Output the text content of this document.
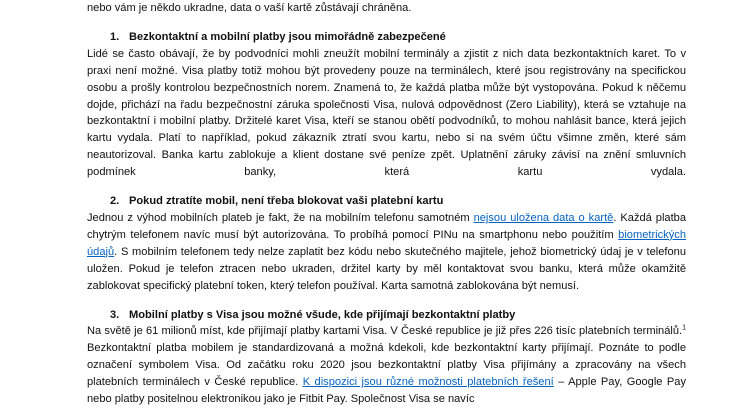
nebo vám je někdo ukradne, data o vaší kartě zůstávají chráněna.

1. Bezkontaktní a mobilní platby jsou mimořádně zabezpečené

Lidé se často obávají, že by podvodníci mohli zneužít mobilní terminály a zjistit z nich data bezkontaktních karet. To v praxi není možné. Visa platby totiž mohou být provedeny pouze na terminálech, které jsou registrovány na specifickou osobu a prošly kontrolou bezpečnostních norem. Znamená to, že každá platba může být vystopována. Pokud k něčemu dojde, přichází na řadu bezpečnostní záruka společnosti Visa, nulová odpovědnost (Zero Liability), která se vztahuje na bezkontaktní i mobilní platby. Držitelé karet Visa, kteří se stanou obětí podvodníků, to mohou nahlásit bance, která jejich kartu vydala. Platí to například, pokud zákazník ztratí svou kartu, nebo si na svém účtu všimne změn, které sám neautorizoval. Banka kartu zablokuje a klient dostane své peníze zpět. Uplatnění záruky závisí na znění smluvních podmínek banky, která kartu vydala.

2. Pokud ztratíte mobil, není třeba blokovat vaši platební kartu

Jednou z výhod mobilních plateb je fakt, že na mobilním telefonu samotném nejsou uložena data o kartě. Každá platba chytrým telefonem navíc musí být autorizována. To probíhá pomocí PINu na smartphonu nebo použitím biometrických údajů. S mobilním telefonem tedy nelze zaplatit bez kódu nebo skutečného majitele, jehož biometrický údaj je v telefonu uložen. Pokud je telefon ztracen nebo ukraden, držitel karty by měl kontaktovat svou banku, která může okamžitě zablokovat specifický platební token, který telefon používal. Karta samotná zablokována být nemusí.

3. Mobilní platby s Visa jsou možné všude, kde přijímají bezkontaktní platby

Na světě je 61 milionů míst, kde přijímají platby kartami Visa. V České republice je již přes 226 tisíc platebních terminálů.$^1$ Bezkontaktní platba mobilem je standardizovaná a možná kdekoli, kde bezkontaktní karty přijímají. Poznáte to podle označení symbolem Visa. Od začátku roku 2020 jsou bezkontaktní platby Visa přijímány a zpracovány na všech platebních terminálech v České republice. K dispozici jsou různé možnosti platebních řešení – Apple Pay, Google Pay nebo platby positelnou elektronikou jako je Fitbit Pay. Společnost Visa se navíc
